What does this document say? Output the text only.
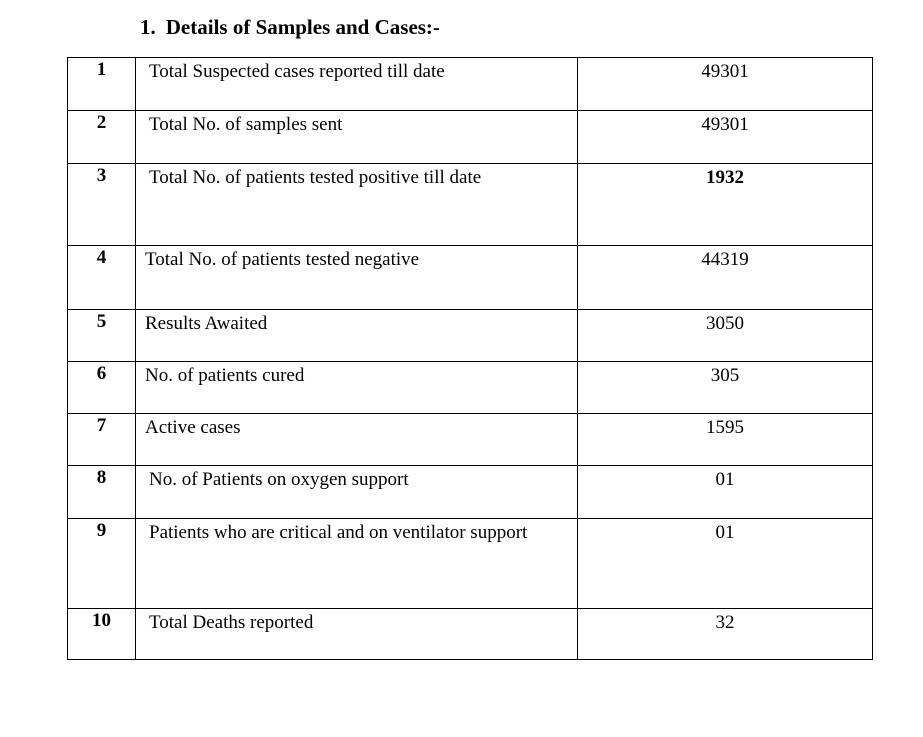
1. Details of Samples and Cases:-
1	Total Suspected cases reported till date	49301

2	Total No. of samples sent	49301

3	Total No. of patients tested positive till date	1932

4	Total No. of patients tested negative	44319

5	Results Awaited	3050

6	No. of patients cured	305

7	Active cases	1595

8	No. of Patients on oxygen support	01

9	Patients who are critical and on ventilator support	01

10	Total Deaths reported	32
